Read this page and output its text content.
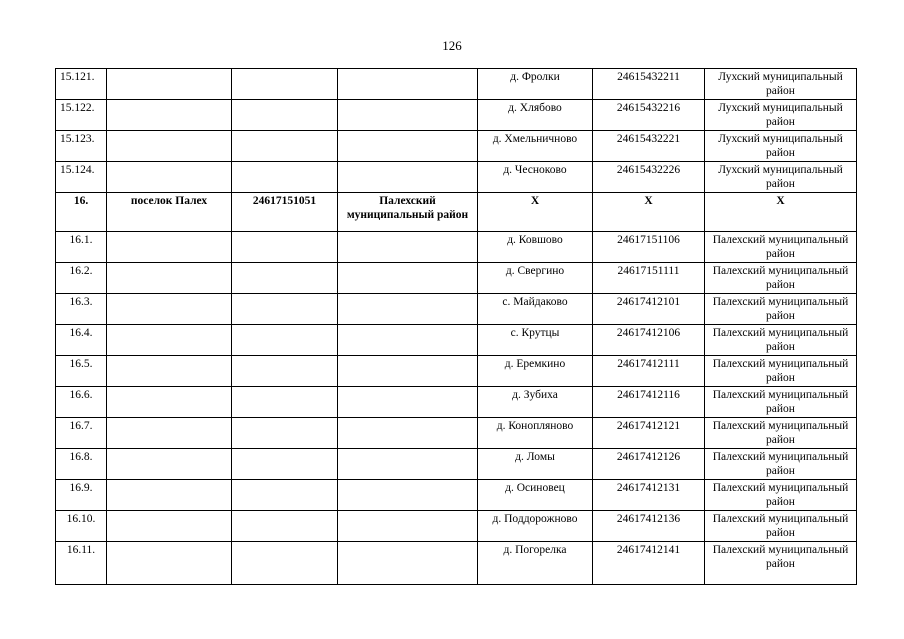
126
15.121.				д. Фролки	24615432211	Лухский муниципальный район
15.122.				д. Хлябово	24615432216	Лухский муниципальный район
15.123.				д. Хмельничново	24615432221	Лухский муниципальный район
15.124.				д. Чесноково	24615432226	Лухский муниципальный район
16.	поселок Палех	24617151051	Палехский муниципальный район	Х	Х	Х
16.1.				д. Ковшово	24617151106	Палехский муниципальный район
16.2.				д. Свергино	24617151111	Палехский муниципальный район
16.3.				с. Майдаково	24617412101	Палехский муниципальный район
16.4.				с. Крутцы	24617412106	Палехский муниципальный район
16.5.				д. Еремкино	24617412111	Палехский муниципальный район
16.6.				д. Зубиха	24617412116	Палехский муниципальный район
16.7.				д. Конопляново	24617412121	Палехский муниципальный район
16.8.				д. Ломы	24617412126	Палехский муниципальный район
16.9.				д. Осиновец	24617412131	Палехский муниципальный район
16.10.				д. Поддорожново	24617412136	Палехский муниципальный район
16.11.				д. Погорелка	24617412141	Палехский муниципальный район
